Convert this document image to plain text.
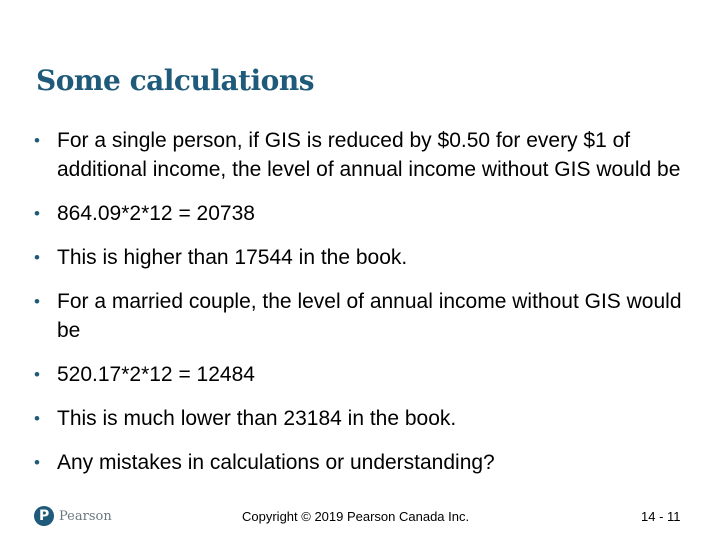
Some calculations
• For a single person, if GIS is reduced by $0.50 for every $1 of additional income, the level of annual income without GIS would be
• 864.09*2*12 = 20738
• This is higher than 17544 in the book.
• For a married couple, the level of annual income without GIS would be
• 520.17*2*12 = 12484
• This is much lower than 23184 in the book.
• Any mistakes in calculations or understanding?
P Pearson	Copyright © 2019 Pearson Canada Inc.	14 - 11
